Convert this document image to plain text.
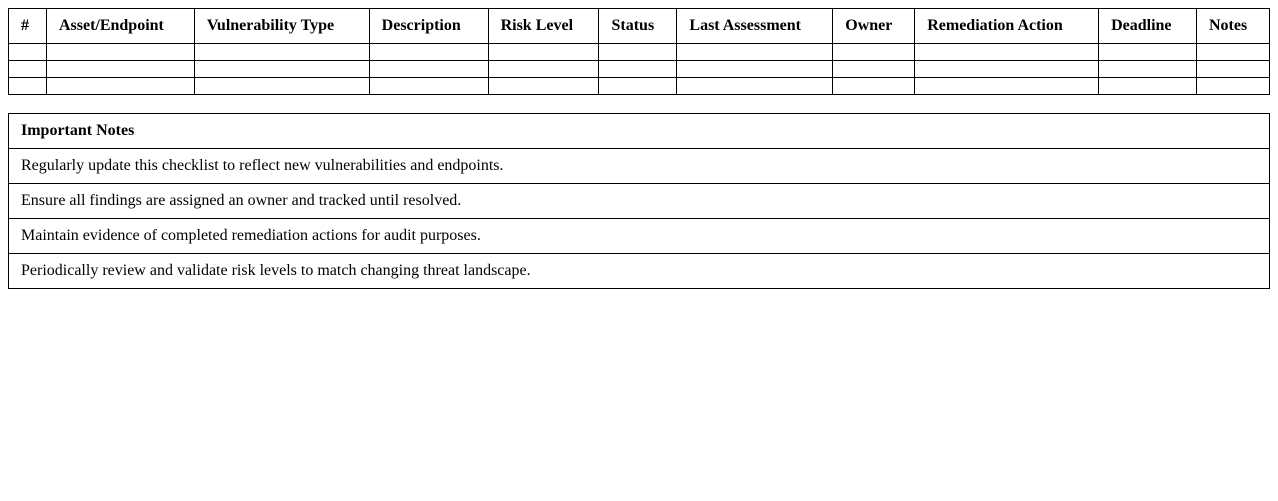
#	Asset/Endpoint	Vulnerability Type	Description	Risk Level	Status	Last Assessment	Owner	Remediation Action	Deadline	Notes

Important Notes
Regularly update this checklist to reflect new vulnerabilities and endpoints.
Ensure all findings are assigned an owner and tracked until resolved.
Maintain evidence of completed remediation actions for audit purposes.
Periodically review and validate risk levels to match changing threat landscape.
